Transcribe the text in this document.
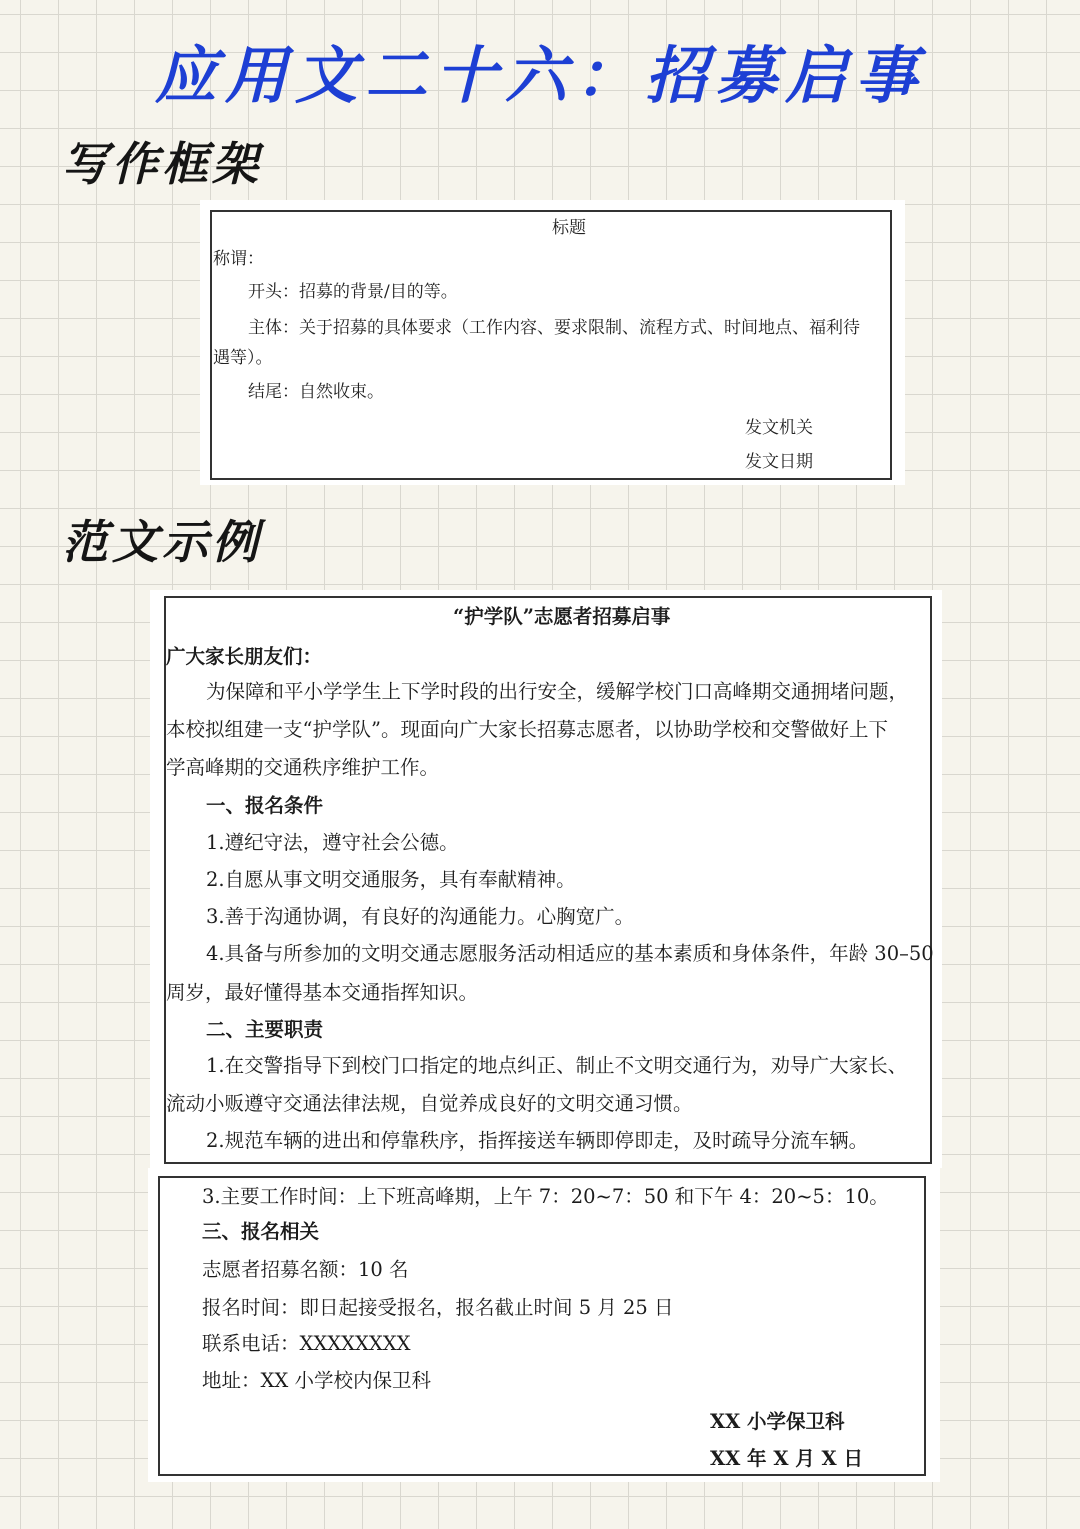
应用文二十六：招募启事
写作框架
标题
称谓：
开头：招募的背景/目的等。
主体：关于招募的具体要求（工作内容、要求限制、流程方式、时间地点、福利待
遇等）。
结尾：自然收束。
发文机关
发文日期
范文示例
“护学队”志愿者招募启事
广大家长朋友们：
为保障和平小学学生上下学时段的出行安全，缓解学校门口高峰期交通拥堵问题，
本校拟组建一支“护学队”。现面向广大家长招募志愿者，以协助学校和交警做好上下
学高峰期的交通秩序维护工作。
一、报名条件
1.遵纪守法，遵守社会公德。
2.自愿从事文明交通服务，具有奉献精神。
3.善于沟通协调，有良好的沟通能力。心胸宽广。
4.具备与所参加的文明交通志愿服务活动相适应的基本素质和身体条件，年龄 30–50
周岁，最好懂得基本交通指挥知识。
二、主要职责
1.在交警指导下到校门口指定的地点纠正、制止不文明交通行为，劝导广大家长、
流动小贩遵守交通法律法规，自觉养成良好的文明交通习惯。
2.规范车辆的进出和停靠秩序，指挥接送车辆即停即走，及时疏导分流车辆。
3.主要工作时间：上下班高峰期，上午 7：20~7：50 和下午 4：20~5：10。
三、报名相关
志愿者招募名额：10 名
报名时间：即日起接受报名，报名截止时间 5 月 25 日
联系电话：XXXXXXXX
地址：XX 小学校内保卫科
XX 小学保卫科
XX 年 X 月 X 日
